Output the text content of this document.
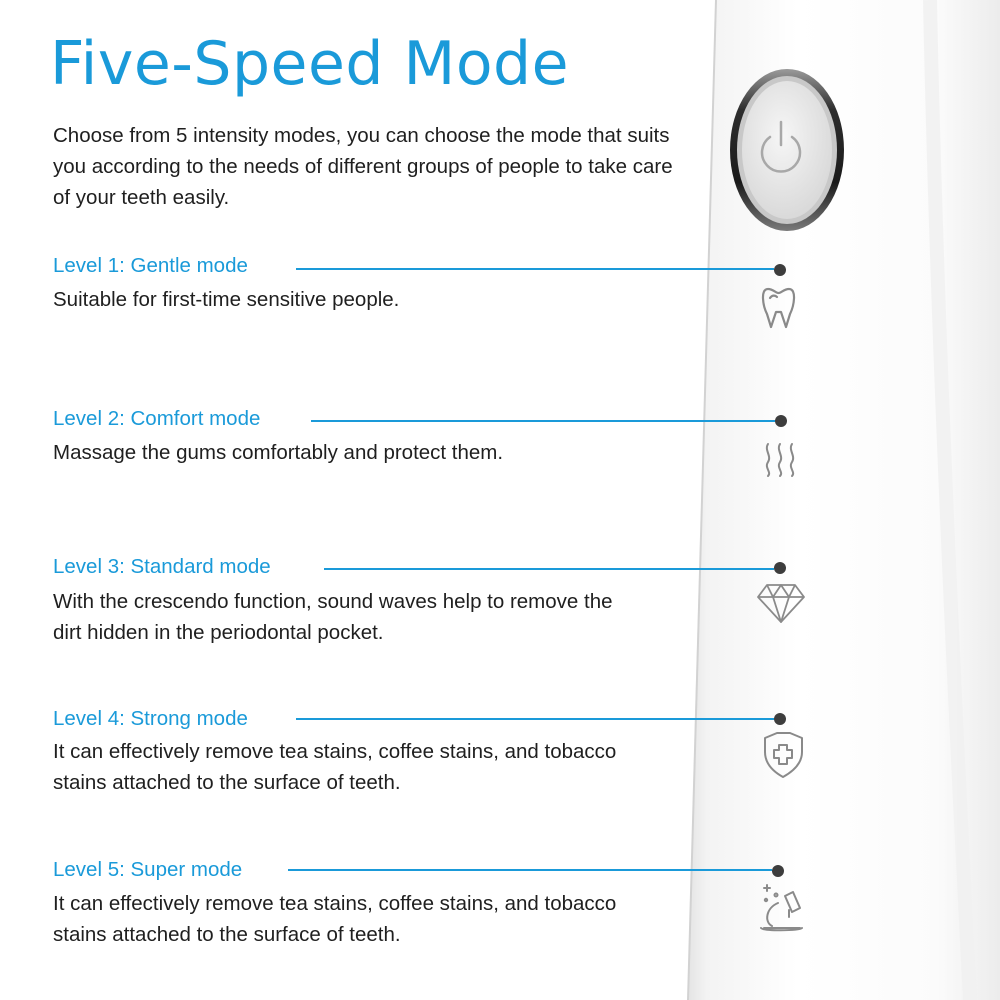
Five-Speed Mode

Choose from 5 intensity modes, you can choose the mode that suits you according to the needs of different groups of people to take care of your teeth easily.

Level 1: Gentle mode

Suitable for first-time sensitive people.

Level 2: Comfort mode

Massage the gums comfortably and protect them.

Level 3: Standard mode

With the crescendo function, sound waves help to remove the dirt hidden in the periodontal pocket.

Level 4: Strong mode

It can effectively remove tea stains, coffee stains, and tobacco stains attached to the surface of teeth.

Level 5: Super mode

It can effectively remove tea stains, coffee stains, and tobacco stains attached to the surface of teeth.
